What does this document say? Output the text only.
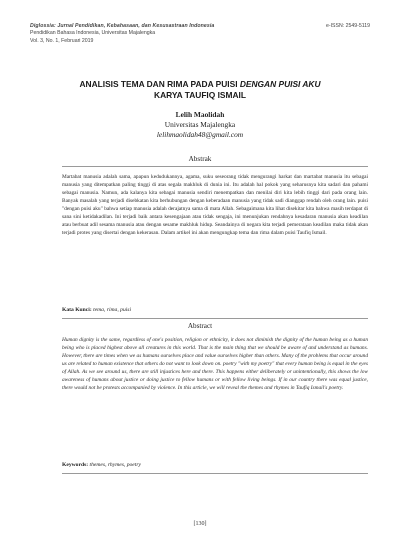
Diglossia: Jurnal Pendidikan, Kebahasaan, dan Kesusastraan Indonesia
Pendidikan Bahasa Indonesia, Universitas Majalengka
Vol. 3, No. 1, Februari 2019
e-ISSN: 2549-5119
ANALISIS TEMA DAN RIMA PADA PUISI DENGAN PUISI AKU
KARYA TAUFIQ ISMAIL
Lelih Maolidah
Universitas Majalengka
lelihmaolidah48@gmail.com
Abstrak
Martabat manusia adalah sama, apapun kedudukannya, agama, suku seseorang tidak mengurangi harkat dan martabat manusia itu sebagai manusia yang ditempatkan paling tinggi di atas segala makhluk di dunia ini. Itu adalah hal pokok yang seharusnya kita sadari dan pahami sebagai manusia. Namun, ada kalanya kita sebagai manusia sendiri menempatkan dan menilai diri kita lebih tinggi dari pada orang lain. Banyak masalah yang terjadi disebkatan kita berhubungan dengan keberadaan manusia yang tidak sadi dianggap rendah oleh orang lain. puisi "dengan puisi aku" bahwa setiap manusia adalah derajatnya sama di mata Allah. Sebagaimana kita lihat disekitar kita bahwa masih terdapat di sana sini ketidakadilan. Ini terjadi baik antara kesengajaan atau tidak sengaja, ini menunjukan rendahnya kesadaran manusia akan keadilan atau berbuat adil sesama manusia atau dengan sesame makhluk hidup. Seandainya di negara kita terjadi pemerataan keadilan maka tidak akan terjadi protes yang disertai dengan kekerasan. Dalam artikel ini akan mengungkap tema dan rima dalam puisi Taufiq Ismail.
Kata Kunci: tema, rima, puisi
Abstract
Human dignity is the same, regardless of one's position, religion or ethnicity, it does not diminish the dignity of the human being as a human being who is placed highest above all creatures in this world. That is the main thing that we should be aware of and understand as humans. However, there are times when we as humans ourselves place and value ourselves higher than others. Many of the problems that occur around us are related to human existence that others do not want to look down on. poetry "with my poetry" that every human being is equal in the eyes of Allah. As we see around us, there are still injustices here and there. This happens either deliberately or unintentionally, this shows the low awareness of humans about justice or doing justice to fellow humans or with fellow living beings. If in our country there was equal justice, there would not be protests accompanied by violence. In this article, we will reveal the themes and rhymes in Taufiq Ismail's poetry.
Keywords: themes, rhymes, poetry
[130]
